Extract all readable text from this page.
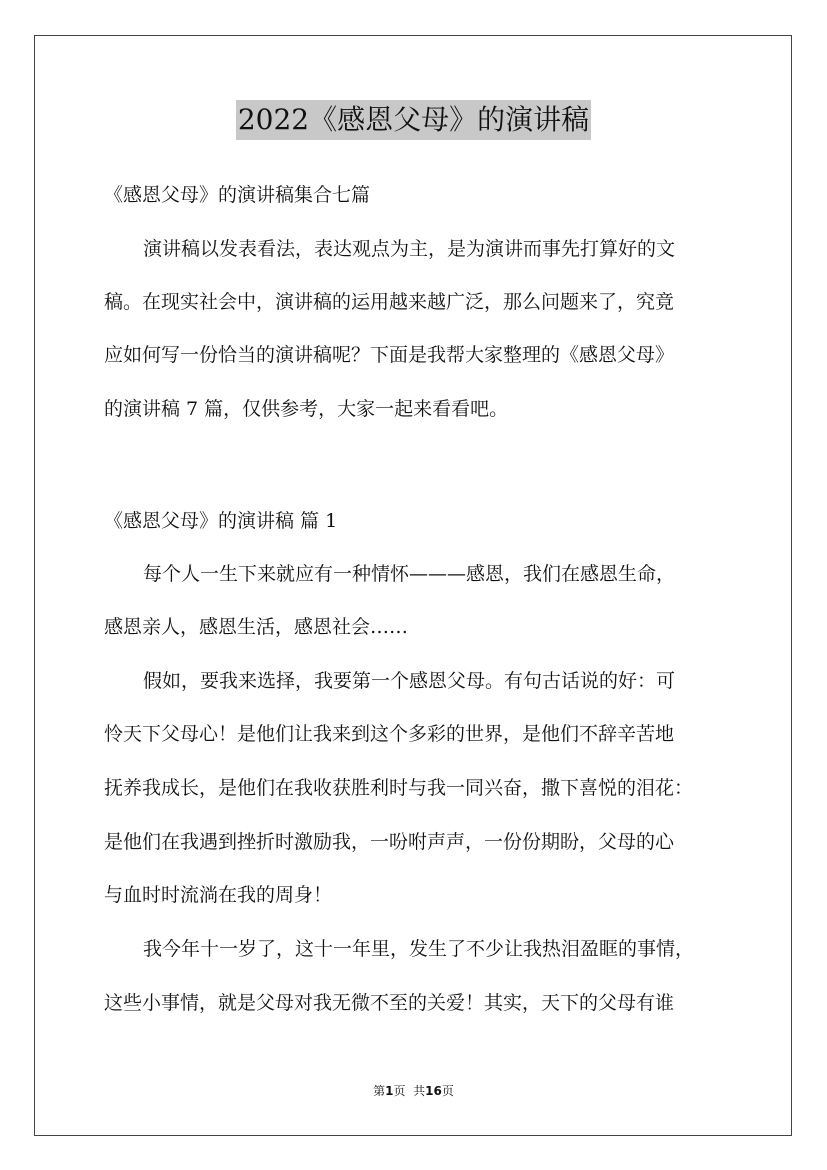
2022《感恩父母》的演讲稿
《感恩父母》的演讲稿集合七篇
演讲稿以发表看法，表达观点为主，是为演讲而事先打算好的文
稿。在现实社会中，演讲稿的运用越来越广泛，那么问题来了，究竟
应如何写一份恰当的演讲稿呢？下面是我帮大家整理的《感恩父母》
的演讲稿 7 篇，仅供参考，大家一起来看看吧。
《感恩父母》的演讲稿 篇 1
每个人一生下来就应有一种情怀———感恩，我们在感恩生命，
感恩亲人，感恩生活，感恩社会……
假如，要我来选择，我要第一个感恩父母。有句古话说的好：可
怜天下父母心！是他们让我来到这个多彩的世界，是他们不辞辛苦地
抚养我成长，是他们在我收获胜利时与我一同兴奋，撒下喜悦的泪花：
是他们在我遇到挫折时激励我，一吩咐声声，一份份期盼，父母的心
与血时时流淌在我的周身！
我今年十一岁了，这十一年里，发生了不少让我热泪盈眶的事情，
这些小事情，就是父母对我无微不至的关爱！其实，天下的父母有谁
第1页 共16页
